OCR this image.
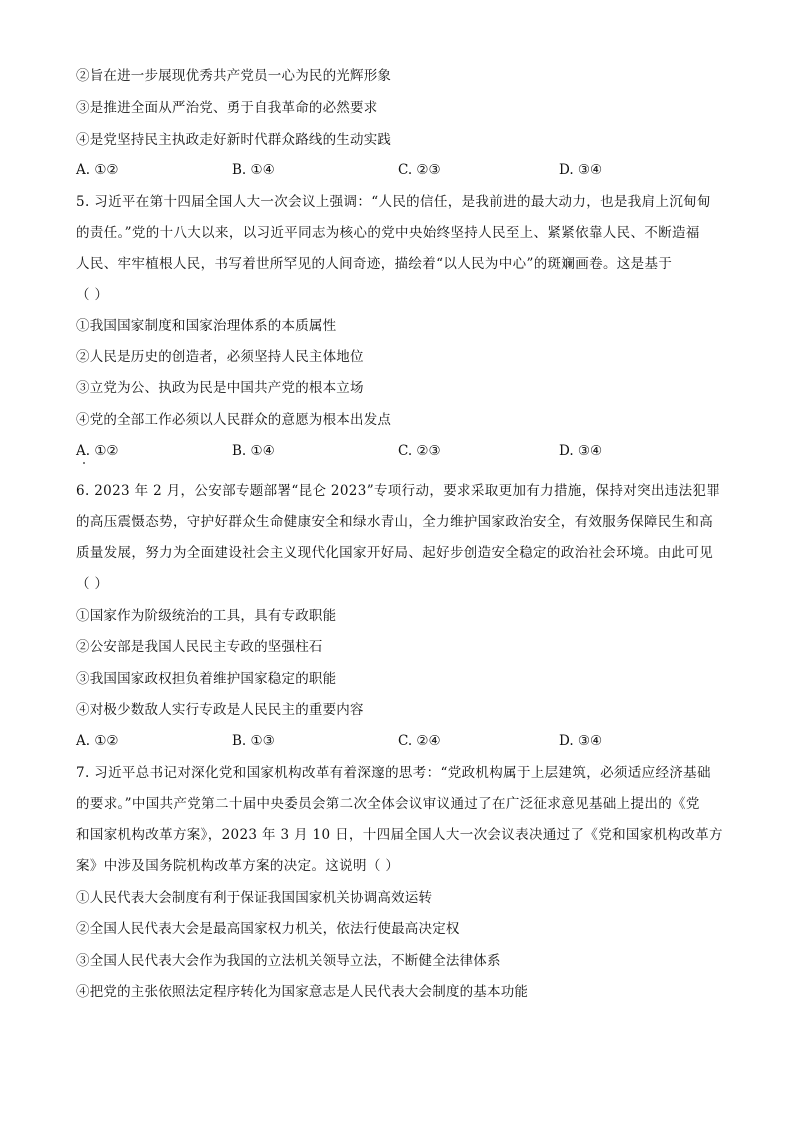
②旨在进一步展现优秀共产党员一心为民的光辉形象
③是推进全面从严治党、勇于自我革命的必然要求
④是党坚持民主执政走好新时代群众路线的生动实践
A. ①②	B. ①④	C. ②③	D. ③④
5. 习近平在第十四届全国人大一次会议上强调：“人民的信任，是我前进的最大动力，也是我肩上沉甸甸
的责任。”党的十八大以来，以习近平同志为核心的党中央始终坚持人民至上、紧紧依靠人民、不断造福
人民、牢牢植根人民，书写着世所罕见的人间奇迹，描绘着“以人民为中心”的斑斓画卷。这是基于
（ ）
①我国国家制度和国家治理体系的本质属性
②人民是历史的创造者，必须坚持人民主体地位
③立党为公、执政为民是中国共产党的根本立场
④党的全部工作必须以人民群众的意愿为根本出发点
A. ①②	B. ①④	C. ②③	D. ③④
6. 2023 年 2 月，公安部专题部署“昆仑 2023”专项行动，要求采取更加有力措施，保持对突出违法犯罪
的高压震慑态势，守护好群众生命健康安全和绿水青山，全力维护国家政治安全，有效服务保障民生和高
质量发展，努力为全面建设社会主义现代化国家开好局、起好步创造安全稳定的政治社会环境。由此可见
（ ）
①国家作为阶级统治的工具，具有专政职能
②公安部是我国人民民主专政的坚强柱石
③我国国家政权担负着维护国家稳定的职能
④对极少数敌人实行专政是人民民主的重要内容
A. ①②	B. ①③	C. ②④	D. ③④
7. 习近平总书记对深化党和国家机构改革有着深邃的思考：“党政机构属于上层建筑，必须适应经济基础
的要求。”中国共产党第二十届中央委员会第二次全体会议审议通过了在广泛征求意见基础上提出的《党
和国家机构改革方案》，2023 年 3 月 10 日，十四届全国人大一次会议表决通过了《党和国家机构改革方
案》中涉及国务院机构改革方案的决定。这说明（ ）
①人民代表大会制度有利于保证我国国家机关协调高效运转
②全国人民代表大会是最高国家权力机关，依法行使最高决定权
③全国人民代表大会作为我国的立法机关领导立法，不断健全法律体系
④把党的主张依照法定程序转化为国家意志是人民代表大会制度的基本功能
